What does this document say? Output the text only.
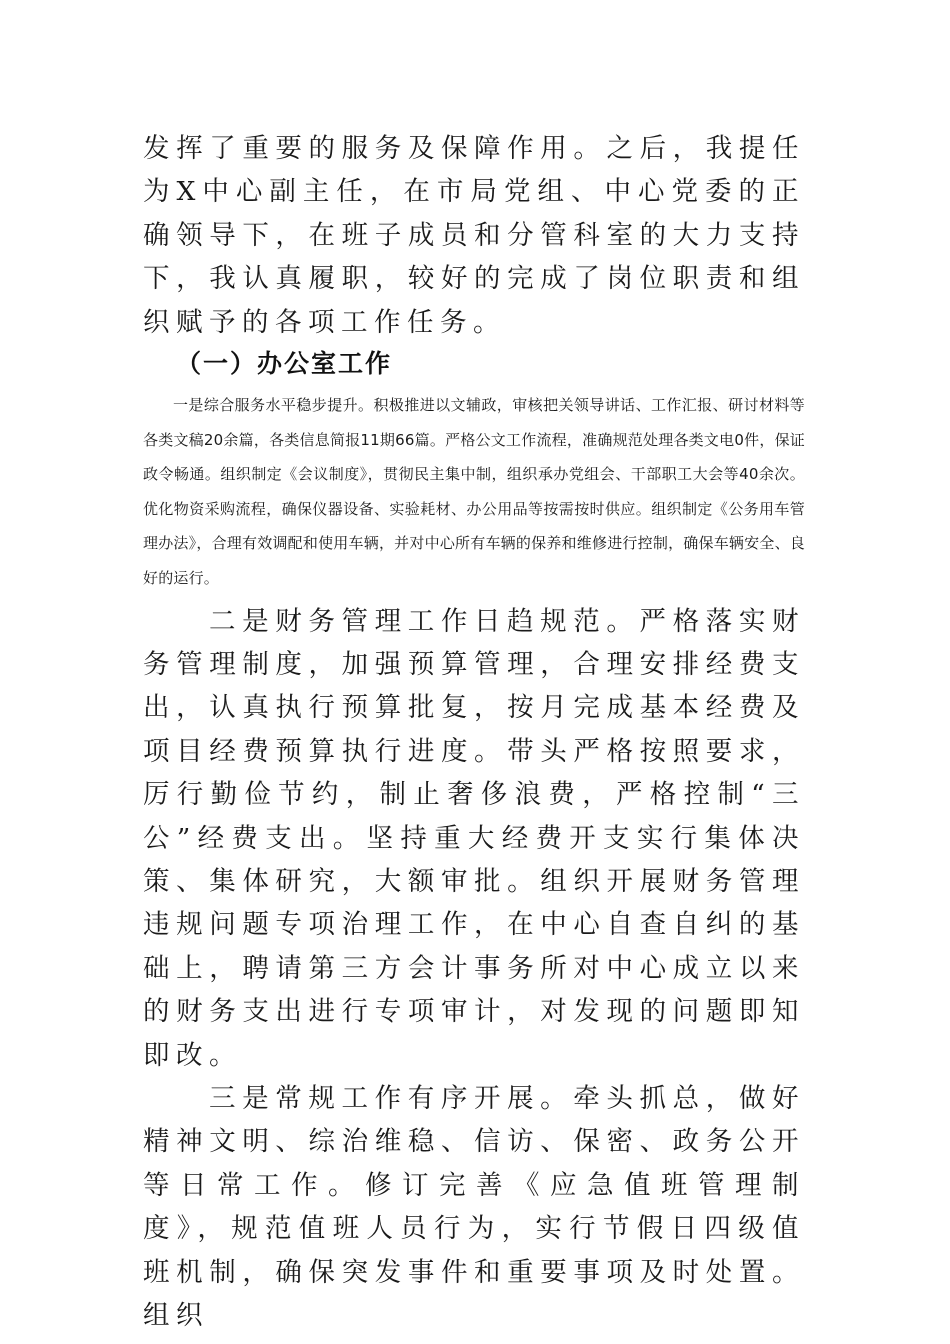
发挥了重要的服务及保障作用。之后，我提任为X中心副主任，在市局党组、中心党委的正确领导下，在班子成员和分管科室的大力支持下，我认真履职，较好的完成了岗位职责和组织赋予的各项工作任务。

（一）办公室工作

一是综合服务水平稳步提升。积极推进以文辅政，审核把关领导讲话、工作汇报、研讨材料等各类文稿20余篇，各类信息简报11期66篇。严格公文工作流程，准确规范处理各类文电0件，保证政令畅通。组织制定《会议制度》，贯彻民主集中制，组织承办党组会、干部职工大会等40余次。优化物资采购流程，确保仪器设备、实验耗材、办公用品等按需按时供应。组织制定《公务用车管理办法》，合理有效调配和使用车辆，并对中心所有车辆的保养和维修进行控制，确保车辆安全、良好的运行。

二是财务管理工作日趋规范。严格落实财务管理制度，加强预算管理，合理安排经费支出，认真执行预算批复，按月完成基本经费及项目经费预算执行进度。带头严格按照要求，厉行勤俭节约，制止奢侈浪费，严格控制“三公”经费支出。坚持重大经费开支实行集体决策、集体研究，大额审批。组织开展财务管理违规问题专项治理工作，在中心自查自纠的基础上，聘请第三方会计事务所对中心成立以来的财务支出进行专项审计，对发现的问题即知即改。

三是常规工作有序开展。牵头抓总，做好精神文明、综治维稳、信访、保密、政务公开等日常工作。修订完善《应急值班管理制度》，规范值班人员行为，实行节假日四级值班机制，确保突发事件和重要事项及时处置。组织
